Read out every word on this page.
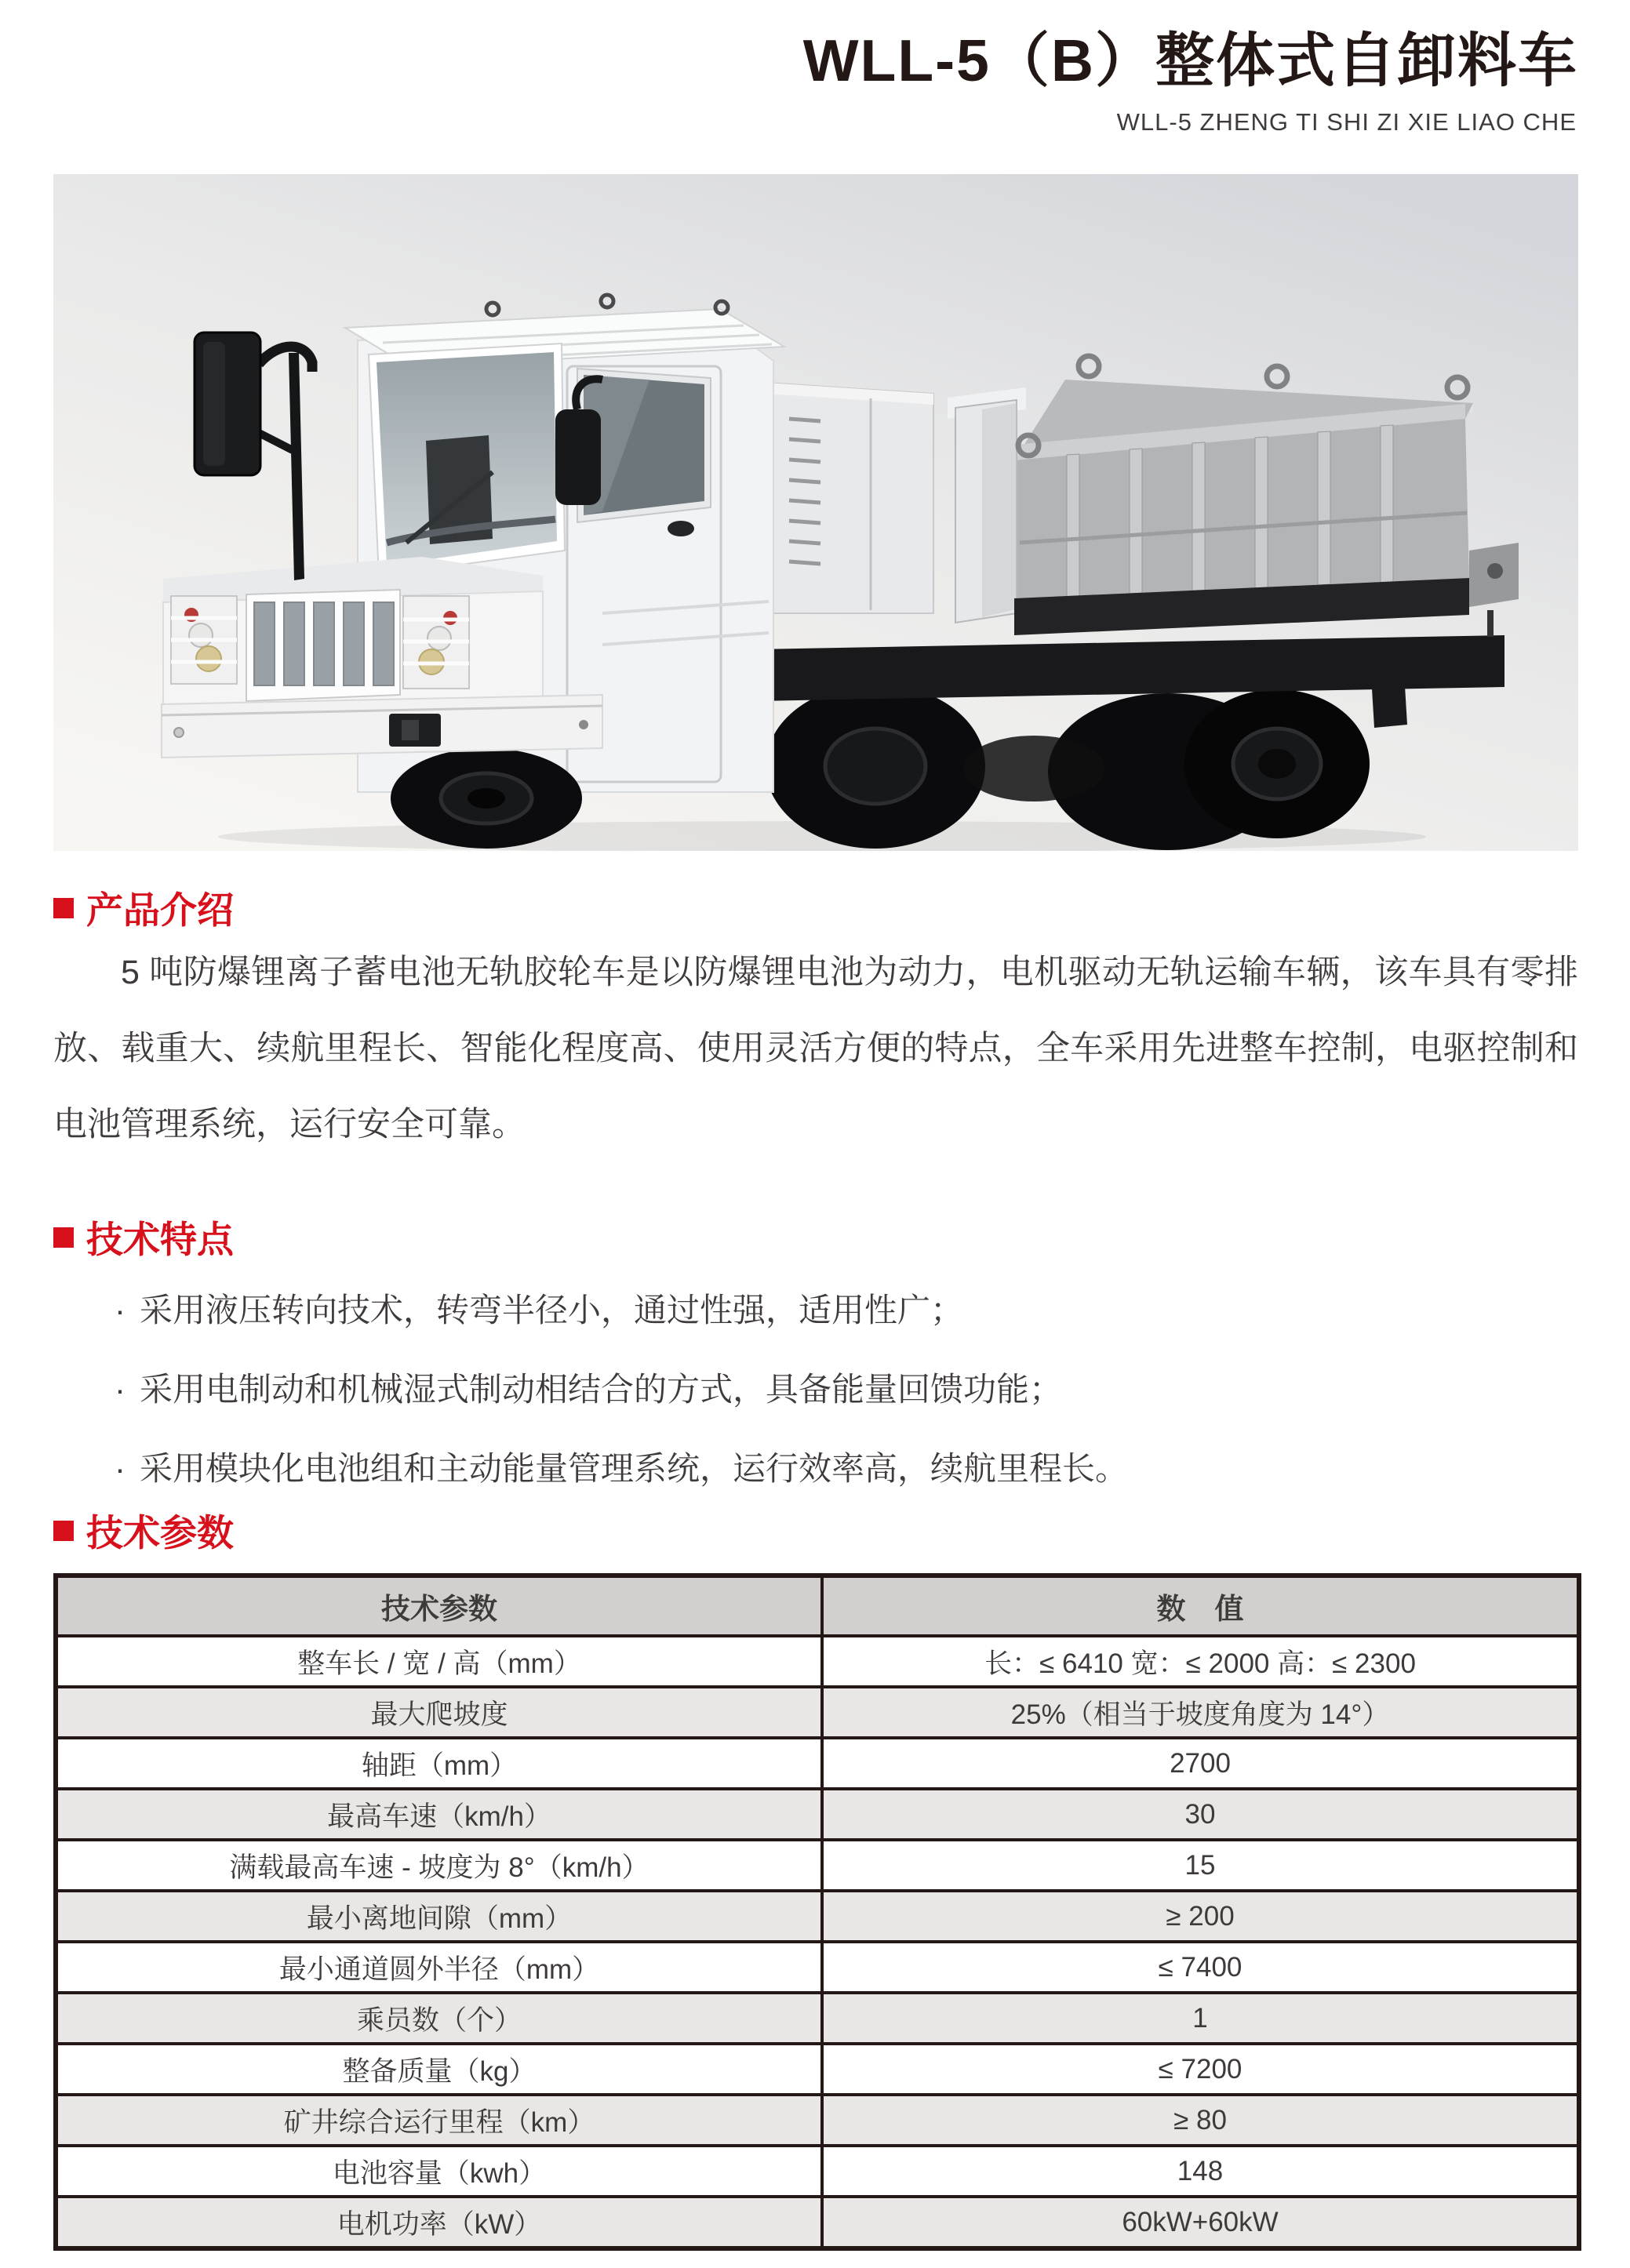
WLL-5（B）整体式自卸料车
WLL-5 ZHENG TI SHI ZI XIE LIAO CHE
产品介绍
5 吨防爆锂离子蓄电池无轨胶轮车是以防爆锂电池为动力，电机驱动无轨运输车辆，该车具有零排放、载重大、续航里程长、智能化程度高、使用灵活方便的特点，全车采用先进整车控制，电驱控制和电池管理系统，运行安全可靠。
技术特点
· 采用液压转向技术，转弯半径小，通过性强，适用性广；
· 采用电制动和机械湿式制动相结合的方式，具备能量回馈功能；
· 采用模块化电池组和主动能量管理系统，运行效率高，续航里程长。
技术参数
技术参数	数　值
整车长 / 宽 / 高（mm）	长：≤ 6410 宽：≤ 2000 高：≤ 2300
最大爬坡度	25%（相当于坡度角度为 14°）
轴距（mm）	2700
最高车速（km/h）	30
满载最高车速 - 坡度为 8°（km/h）	15
最小离地间隙（mm）	≥ 200
最小通道圆外半径（mm）	≤ 7400
乘员数（个）	1
整备质量（kg）	≤ 7200
矿井综合运行里程（km）	≥ 80
电池容量（kwh）	148
电机功率（kW）	60kW+60kW
